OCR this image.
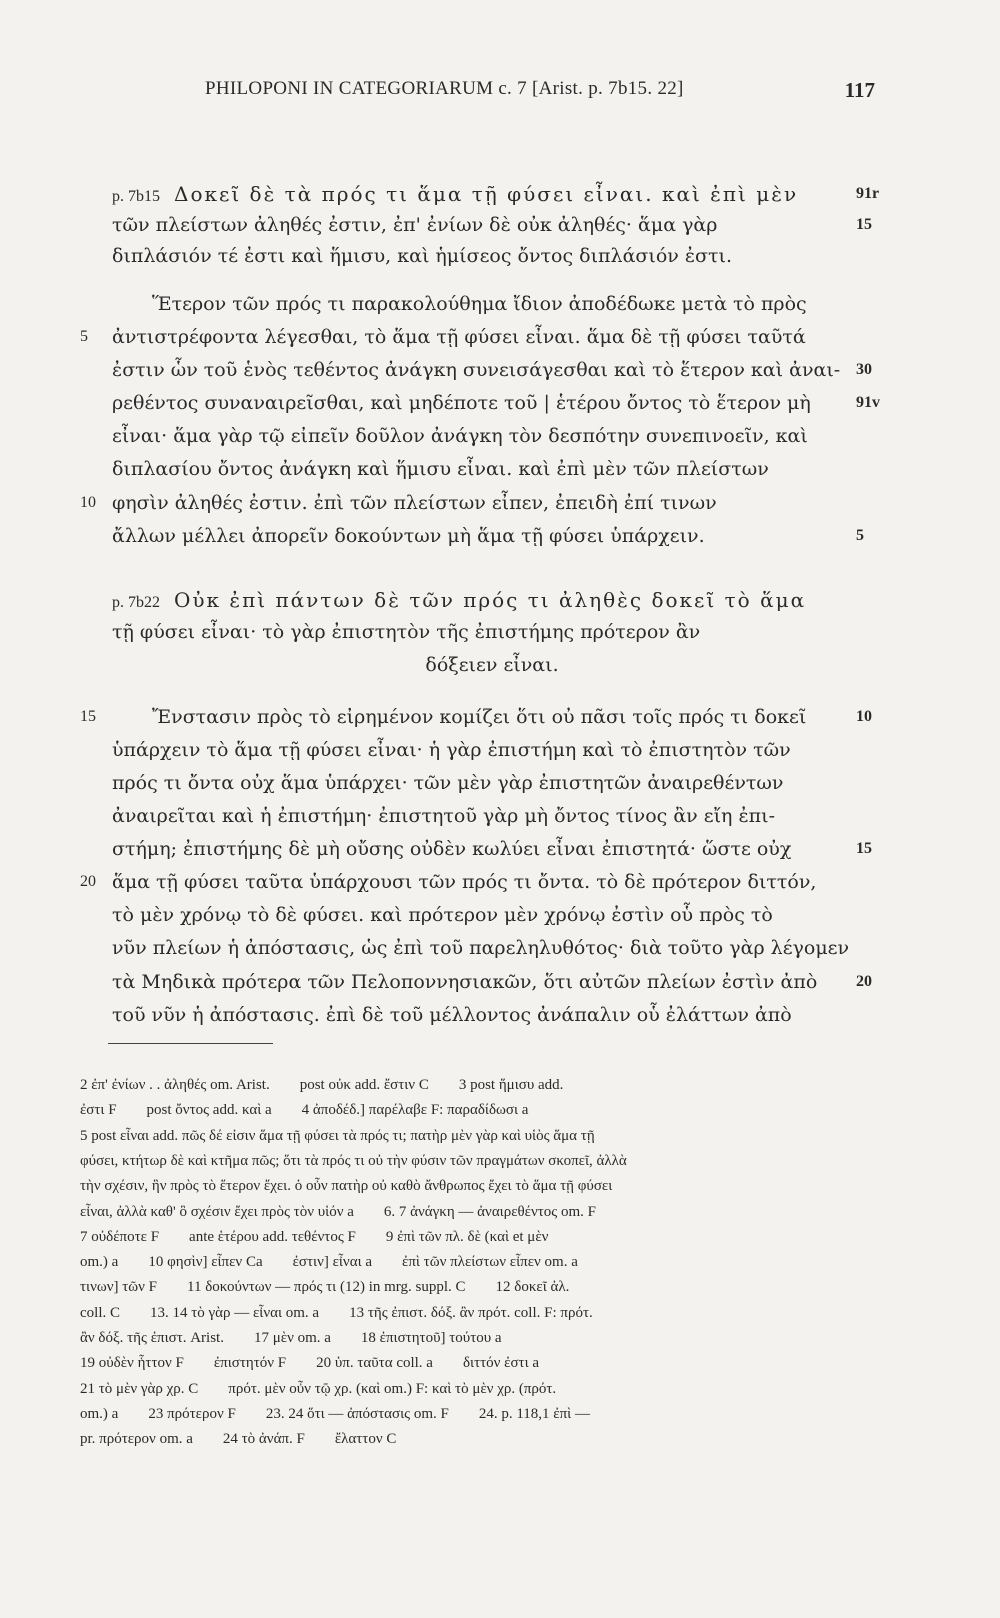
PHILOPONI IN CATEGORIARUM c. 7 [Arist. p. 7b15. 22]	117
p. 7b15 Δοκεῖ δὲ τὰ πρός τι ἅμα τῇ φύσει εἶναι. καὶ ἐπὶ μὲν	91r
τῶν πλείστων ἀληθές ἐστιν, ἐπ' ἐνίων δὲ οὐκ ἀληθές· ἅμα γὰρ	15
διπλάσιόν τέ ἐστι καὶ ἥμισυ, καὶ ἡμίσεος ὄντος διπλάσιόν ἐστι.
Ἕτερον τῶν πρός τι παρακολούθημα ἴδιον ἀποδέδωκε μετὰ τὸ πρὸς
ἀντιστρέφοντα λέγεσθαι, τὸ ἅμα τῇ φύσει εἶναι. ἅμα δὲ τῇ φύσει ταῦτά
5
ἐστιν ὧν τοῦ ἑνὸς τεθέντος ἀνάγκη συνεισάγεσθαι καὶ τὸ ἕτερον καὶ ἀναι- 30
ρεθέντος συναναιρεῖσθαι, καὶ μηδέποτε τοῦ | ἑτέρου ὄντος τὸ ἕτερον μὴ	91v
εἶναι· ἅμα γὰρ τῷ εἰπεῖν δοῦλον ἀνάγκη τὸν δεσπότην συνεπινοεῖν, καὶ
διπλασίου ὄντος ἀνάγκη καὶ ἥμισυ εἶναι. καὶ ἐπὶ μὲν τῶν πλείστων
φησὶν ἀληθές ἐστιν. ἐπὶ τῶν πλείστων εἶπεν, ἐπειδὴ ἐπί τινων
10
ἄλλων μέλλει ἀπορεῖν δοκούντων μὴ ἅμα τῇ φύσει ὑπάρχειν.	5
p. 7b22 Οὐκ ἐπὶ πάντων δὲ τῶν πρός τι ἀληθὲς δοκεῖ τὸ ἅμα
τῇ φύσει εἶναι· τὸ γὰρ ἐπιστητὸν τῆς ἐπιστήμης πρότερον ἂν
δόξειεν εἶναι.
Ἔνστασιν πρὸς τὸ εἰρημένον κομίζει ὅτι οὐ πᾶσι τοῖς πρός τι δοκεῖ
15	10
ὑπάρχειν τὸ ἅμα τῇ φύσει εἶναι· ἡ γὰρ ἐπιστήμη καὶ τὸ ἐπιστητὸν τῶν
πρός τι ὄντα οὐχ ἅμα ὑπάρχει· τῶν μὲν γὰρ ἐπιστητῶν ἀναιρεθέντων
ἀναιρεῖται καὶ ἡ ἐπιστήμη· ἐπιστητοῦ γὰρ μὴ ὄντος τίνος ἂν εἴη ἐπι-
στήμη; ἐπιστήμης δὲ μὴ οὔσης οὐδὲν κωλύει εἶναι ἐπιστητά· ὥστε οὐχ	15
ἅμα τῇ φύσει ταῦτα ὑπάρχουσι τῶν πρός τι ὄντα. τὸ δὲ πρότερον διττόν,
20
τὸ μὲν χρόνῳ τὸ δὲ φύσει. καὶ πρότερον μὲν χρόνῳ ἐστὶν οὗ πρὸς τὸ
νῦν πλείων ἡ ἀπόστασις, ὡς ἐπὶ τοῦ παρεληλυθότος· διὰ τοῦτο γὰρ λέγομεν
τὰ Μηδικὰ πρότερα τῶν Πελοποννησιακῶν, ὅτι αὐτῶν πλείων ἐστὶν ἀπὸ	20
τοῦ νῦν ἡ ἀπόστασις. ἐπὶ δὲ τοῦ μέλλοντος ἀνάπαλιν οὗ ἐλάττων ἀπὸ
2 ἐπ' ἐνίων . . ἀληθές om. Arist.        post οὐκ add. ἔστιν C        3 post ἥμισυ add.
ἐστι F        post ὄντος add. καὶ a        4 ἀποδέδ.] παρέλαβε F: παραδίδωσι a
5 post εἶναι add. πῶς δέ εἰσιν ἅμα τῇ φύσει τὰ πρός τι; πατὴρ μὲν γὰρ καὶ υἱὸς ἅμα τῇ
φύσει, κτήτωρ δὲ καὶ κτῆμα πῶς; ὅτι τὰ πρός τι οὐ τὴν φύσιν τῶν πραγμάτων σκοπεῖ, ἀλλὰ
τὴν σχέσιν, ἣν πρὸς τὸ ἕτερον ἔχει. ὁ οὖν πατὴρ οὐ καθὸ ἄνθρωπος ἔχει τὸ ἅμα τῇ φύσει
εἶναι, ἀλλὰ καθ' ὃ σχέσιν ἔχει πρὸς τὸν υἱόν a        6. 7 ἀνάγκη — ἀναιρεθέντος om. F
7 οὐδέποτε F        ante ἑτέρου add. τεθέντος F        9 ἐπὶ τῶν πλ. δὲ (καὶ et μὲν
om.) a        10 φησὶν] εἶπεν Ca        ἐστιν] εἶναι a        ἐπὶ τῶν πλείστων εἶπεν om. a
τινων] τῶν F        11 δοκούντων — πρός τι (12) in mrg. suppl. C        12 δοκεῖ ἀλ.
coll. C        13. 14 τὸ γὰρ — εἶναι om. a        13 τῆς ἐπιστ. δόξ. ἂν πρότ. coll. F: πρότ.
ἂν δόξ. τῆς ἐπιστ. Arist.        17 μὲν om. a        18 ἐπιστητοῦ] τούτου a
19 οὐδὲν ἧττον F        ἐπιστητόν F        20 ὑπ. ταῦτα coll. a        διττόν ἐστι a
21 τὸ μὲν γὰρ χρ. C        πρότ. μὲν οὖν τῷ χρ. (καὶ om.) F: καὶ τὸ μὲν χρ. (πρότ.
om.) a        23 πρότερον F        23. 24 ὅτι — ἀπόστασις om. F        24. p. 118,1 ἐπὶ —
pr. πρότερον om. a        24 τὸ ἀνάπ. F        ἔλαττον C
